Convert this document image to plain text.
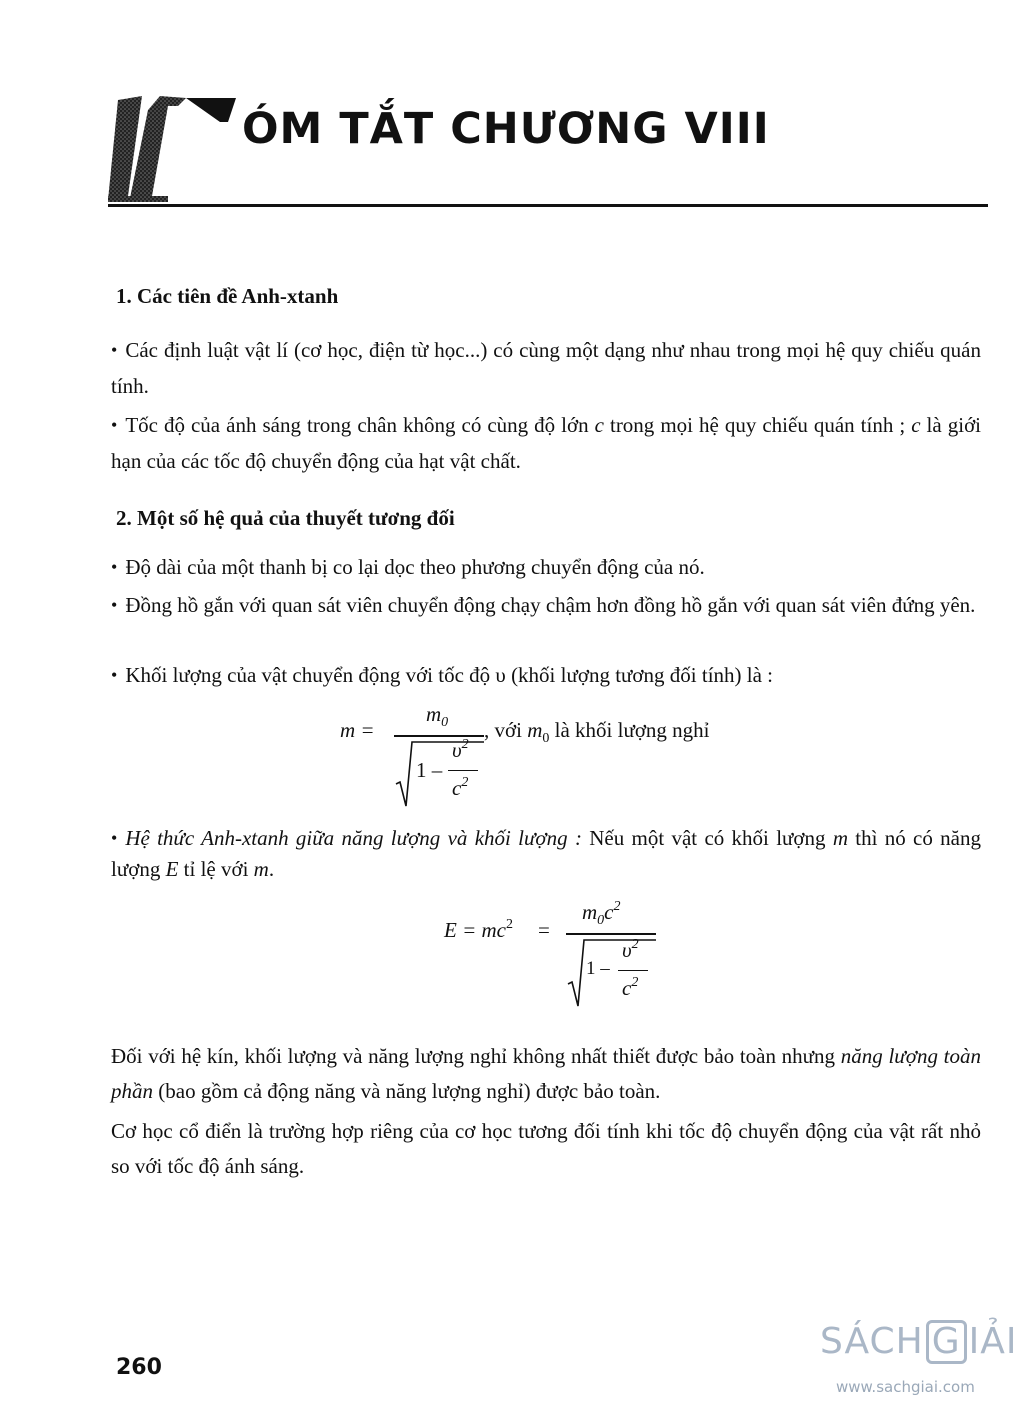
ÓM TẮT CHƯƠNG VIII
1. Các tiên đề Anh-xtanh

• Các định luật vật lí (cơ học, điện từ học...) có cùng một dạng như nhau trong mọi hệ quy chiếu quán tính.

• Tốc độ của ánh sáng trong chân không có cùng độ lớn c trong mọi hệ quy chiếu quán tính ; c là giới hạn của các tốc độ chuyển động của hạt vật chất.

2. Một số hệ quả của thuyết tương đối

• Độ dài của một thanh bị co lại dọc theo phương chuyển động của nó.

• Đồng hồ gắn với quan sát viên chuyển động chạy chậm hơn đồng hồ gắn với quan sát viên đứng yên.

• Khối lượng của vật chuyển động với tốc độ υ (khối lượng tương đối tính) là :

m =
$m_0$
1 –
$\upsilon^2$
$c^2$
, với $m_0$ là khối lượng nghỉ

• Hệ thức Anh-xtanh giữa năng lượng và khối lượng : Nếu một vật có khối lượng m thì nó có năng lượng E tỉ lệ với m.

$E = mc^2$ =
$m_0c^2$
1 –
$\upsilon^2$
$c^2$

Đối với hệ kín, khối lượng và năng lượng nghỉ không nhất thiết được bảo toàn nhưng năng lượng toàn phần (bao gồm cả động năng và năng lượng nghỉ) được bảo toàn.

Cơ học cổ điển là trường hợp riêng của cơ học tương đối tính khi tốc độ chuyển động của vật rất nhỏ so với tốc độ ánh sáng.

260
SÁCH G IẢI
www.sachgiai.com
